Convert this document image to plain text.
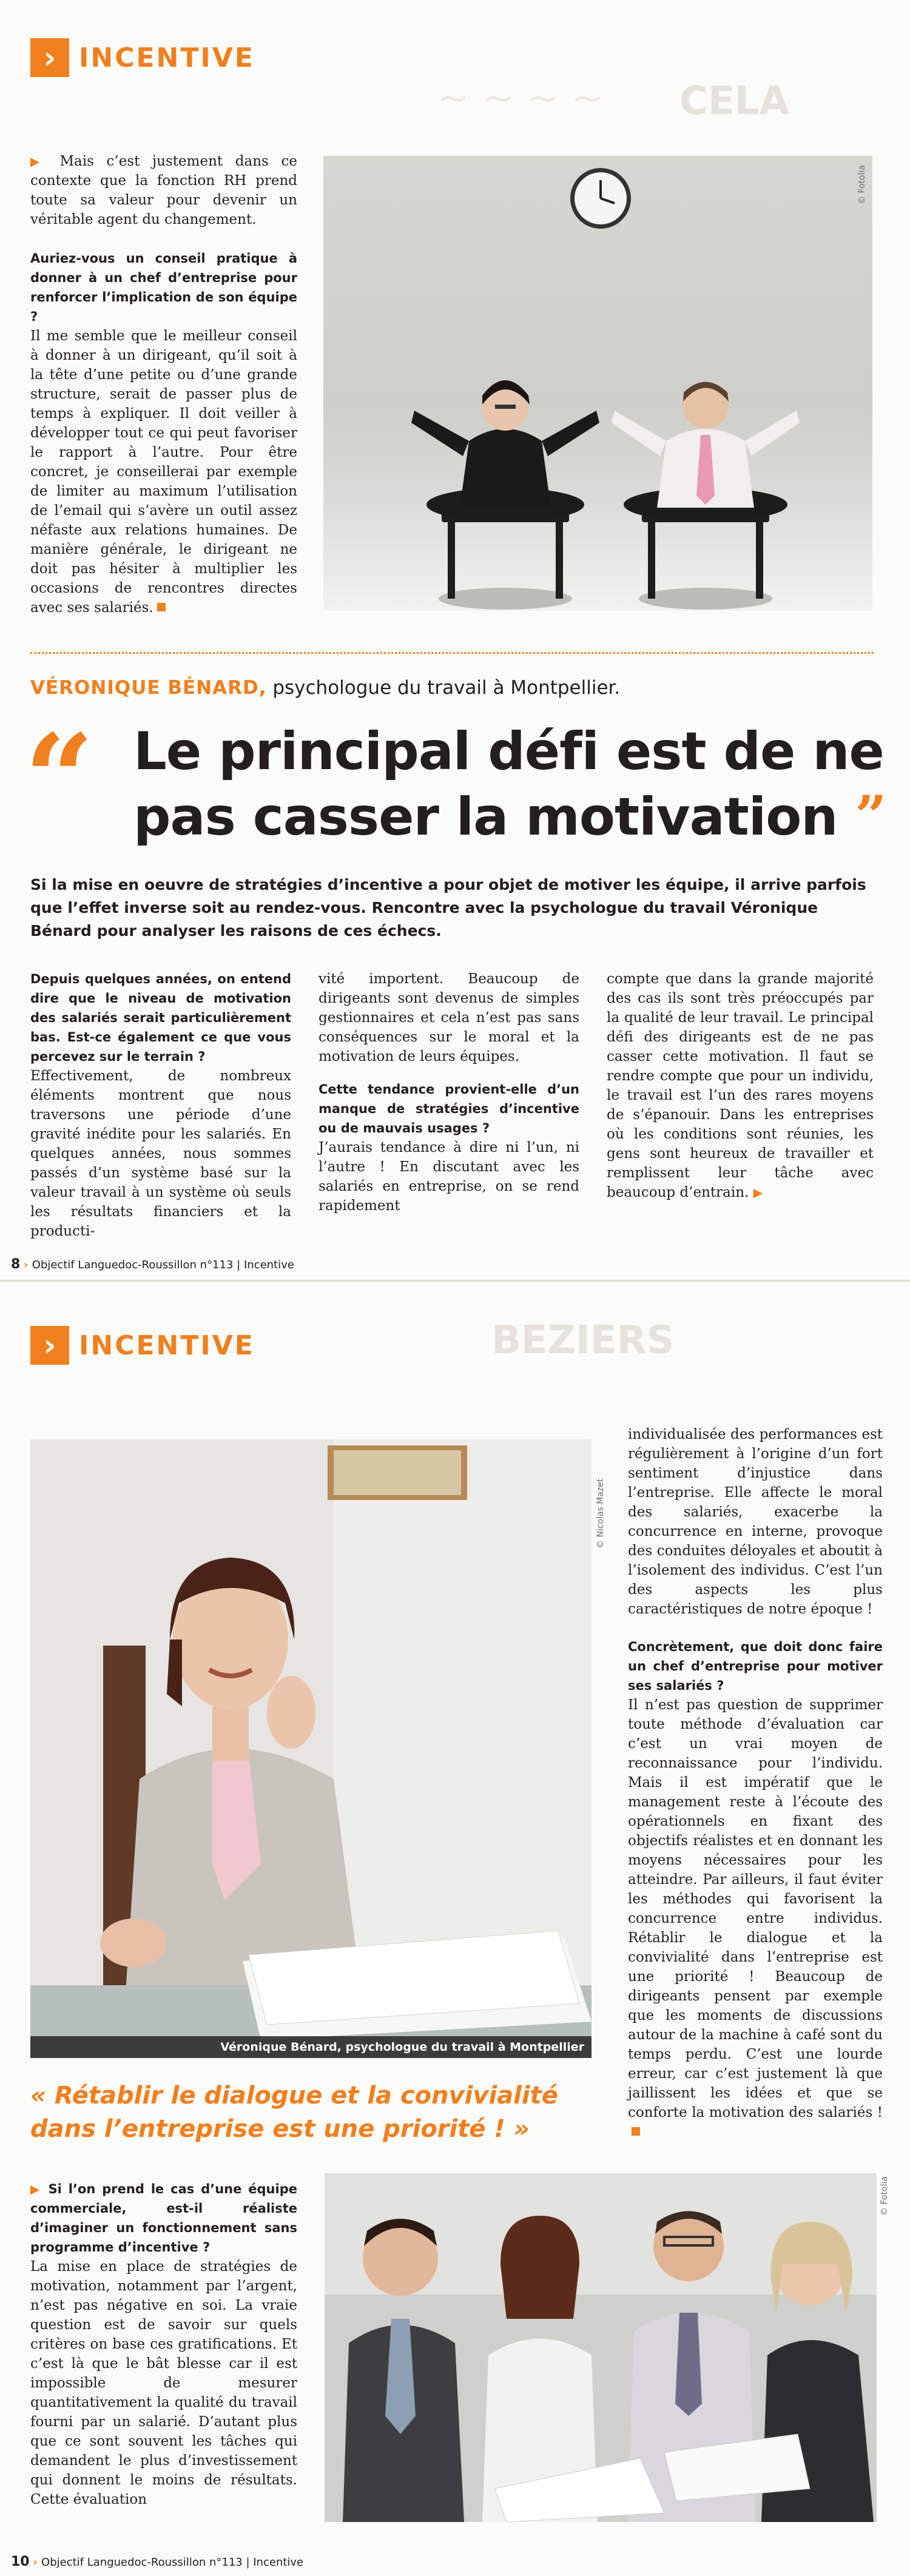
CELA
~ ~ ~ ~
› INCENTIVE

▶ Mais c’est justement dans ce contexte que la fonction RH prend toute sa valeur pour devenir un véritable agent du changement.

Auriez-vous un conseil pratique à donner à un chef d’entreprise pour renforcer l’implication de son équipe ?

Il me semble que le meilleur conseil à donner à un dirigeant, qu’il soit à la tête d’une petite ou d’une grande structure, serait de passer plus de temps à expliquer. Il doit veiller à développer tout ce qui peut favoriser le rapport à l’autre. Pour être concret, je conseillerai par exemple de limiter au maximum l’utilisation de l’email qui s’avère un outil assez néfaste aux relations humaines. De manière générale, le dirigeant ne doit pas hésiter à multiplier les occasions de rencontres directes avec ses salariés.

© Fotolia
VÉRONIQUE BÉNARD, psychologue du travail à Montpellier.
“ Le principal défi est de ne pas casser la motivation ”
Si la mise en oeuvre de stratégies d’incentive a pour objet de motiver les équipe, il arrive parfois que l’effet inverse soit au rendez-vous. Rencontre avec la psychologue du travail Véronique Bénard pour analyser les raisons de ces échecs.

Depuis quelques années, on entend dire que le niveau de motivation des salariés serait particulièrement bas. Est-ce également ce que vous percevez sur le terrain ?

Effectivement, de nombreux éléments montrent que nous traversons une période d’une gravité inédite pour les salariés. En quelques années, nous sommes passés d’un système basé sur la valeur travail à un système où seuls les résultats financiers et la producti-

vité importent. Beaucoup de dirigeants sont devenus de simples gestionnaires et cela n’est pas sans conséquences sur le moral et la motivation de leurs équipes.

Cette tendance provient-elle d’un manque de stratégies d’incentive ou de mauvais usages ?

J’aurais tendance à dire ni l’un, ni l’autre ! En discutant avec les salariés en entreprise, on se rend rapidement

compte que dans la grande majorité des cas ils sont très préoccupés par la qualité de leur travail. Le principal défi des dirigeants est de ne pas casser cette motivation. Il faut se rendre compte que pour un individu, le travail est l’un des rares moyens de s’épanouir. Dans les entreprises où les conditions sont réunies, les gens sont heureux de travailler et remplissent leur tâche avec beaucoup d’entrain. ▶

8 › Objectif Languedoc-Roussillon n°113 | Incentive
BEZIERS
› INCENTIVE
Véronique Bénard, psychologue du travail à Montpellier
© Nicolas Mazet
« Rétablir le dialogue et la convivialité dans l’entreprise est une priorité ! »

individualisée des performances est régulièrement à l’origine d’un fort sentiment d’injustice dans l’entreprise. Elle affecte le moral des salariés, exacerbe la concurrence en interne, provoque des conduites déloyales et aboutit à l’isolement des individus. C’est l’un des aspects les plus caractéristiques de notre époque !

Concrètement, que doit donc faire un chef d’entreprise pour motiver ses salariés ?

Il n’est pas question de supprimer toute méthode d’évaluation car c’est un vrai moyen de reconnaissance pour l’individu. Mais il est impératif que le management reste à l’écoute des opérationnels en fixant des objectifs réalistes et en donnant les moyens nécessaires pour les atteindre. Par ailleurs, il faut éviter les méthodes qui favorisent la concurrence entre individus. Rétablir le dialogue et la convivialité dans l’entreprise est une priorité ! Beaucoup de dirigeants pensent par exemple que les moments de discussions autour de la machine à café sont du temps perdu. C’est une lourde erreur, car c’est justement là que jaillissent les idées et que se conforte la motivation des salariés !

▶ Si l’on prend le cas d’une équipe commerciale, est-il réaliste d’imaginer un fonctionnement sans programme d’incentive ?

La mise en place de stratégies de motivation, notamment par l’argent, n’est pas négative en soi. La vraie question est de savoir sur quels critères on base ces gratifications. Et c’est là que le bât blesse car il est impossible de mesurer quantitativement la qualité du travail fourni par un salarié. D’autant plus que ce sont souvent les tâches qui demandent le plus d’investissement qui donnent le moins de résultats. Cette évaluation

© Fotolia
10 › Objectif Languedoc-Roussillon n°113 | Incentive
